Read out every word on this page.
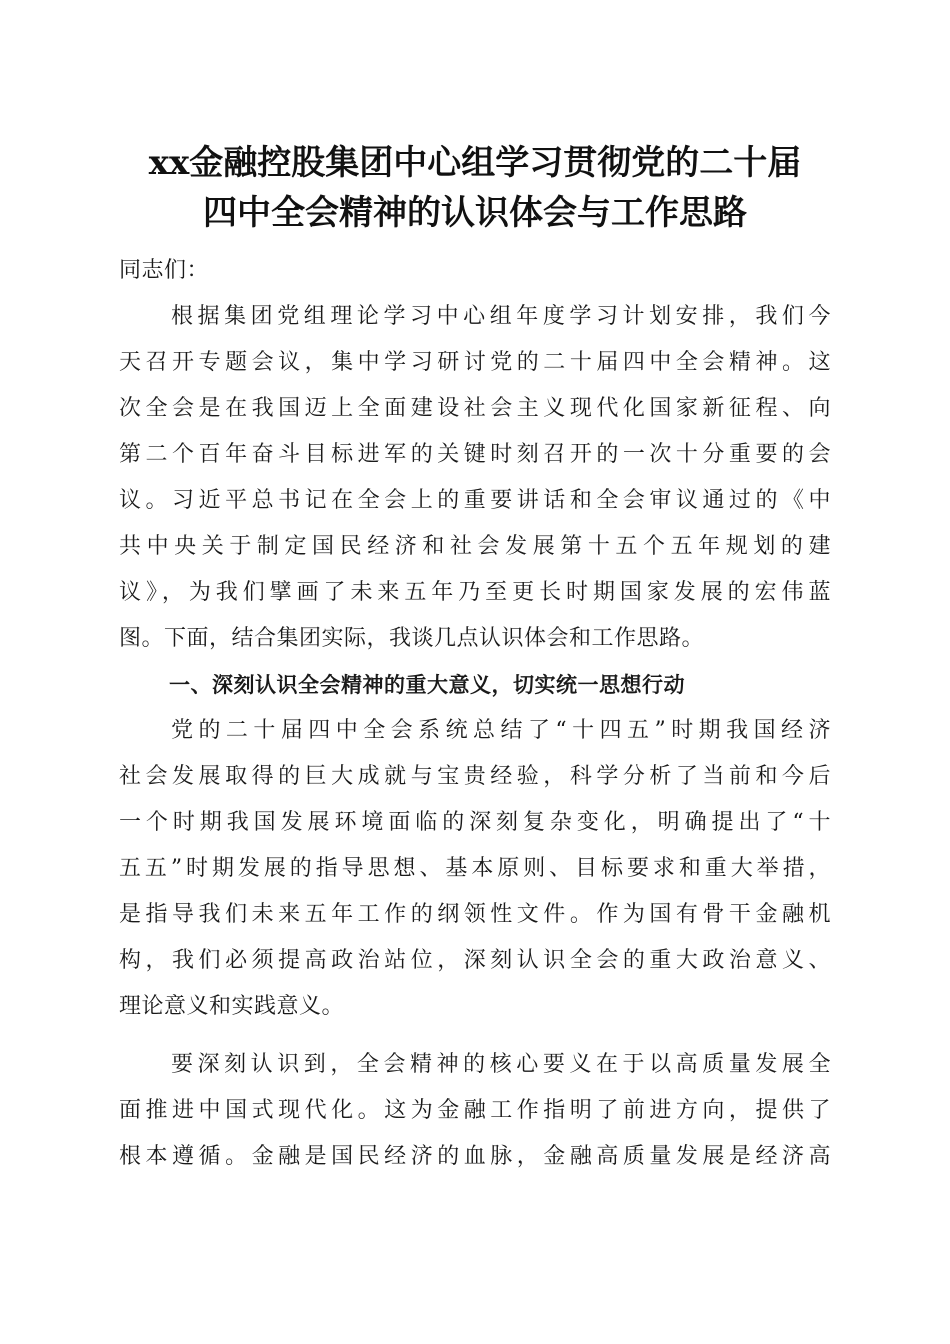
xx金融控股集团中心组学习贯彻党的二十届
四中全会精神的认识体会与工作思路
同志们：
根据集团党组理论学习中心组年度学习计划安排，我们今
天召开专题会议，集中学习研讨党的二十届四中全会精神。这
次全会是在我国迈上全面建设社会主义现代化国家新征程、向
第二个百年奋斗目标进军的关键时刻召开的一次十分重要的会
议。习近平总书记在全会上的重要讲话和全会审议通过的《中
共中央关于制定国民经济和社会发展第十五个五年规划的建
议》，为我们擘画了未来五年乃至更长时期国家发展的宏伟蓝
图。下面，结合集团实际，我谈几点认识体会和工作思路。
一、深刻认识全会精神的重大意义，切实统一思想行动
党的二十届四中全会系统总结了“十四五”时期我国经济
社会发展取得的巨大成就与宝贵经验，科学分析了当前和今后
一个时期我国发展环境面临的深刻复杂变化，明确提出了“十
五五”时期发展的指导思想、基本原则、目标要求和重大举措，
是指导我们未来五年工作的纲领性文件。作为国有骨干金融机
构，我们必须提高政治站位，深刻认识全会的重大政治意义、
理论意义和实践意义。
要深刻认识到，全会精神的核心要义在于以高质量发展全
面推进中国式现代化。这为金融工作指明了前进方向，提供了
根本遵循。金融是国民经济的血脉，金融高质量发展是经济高
